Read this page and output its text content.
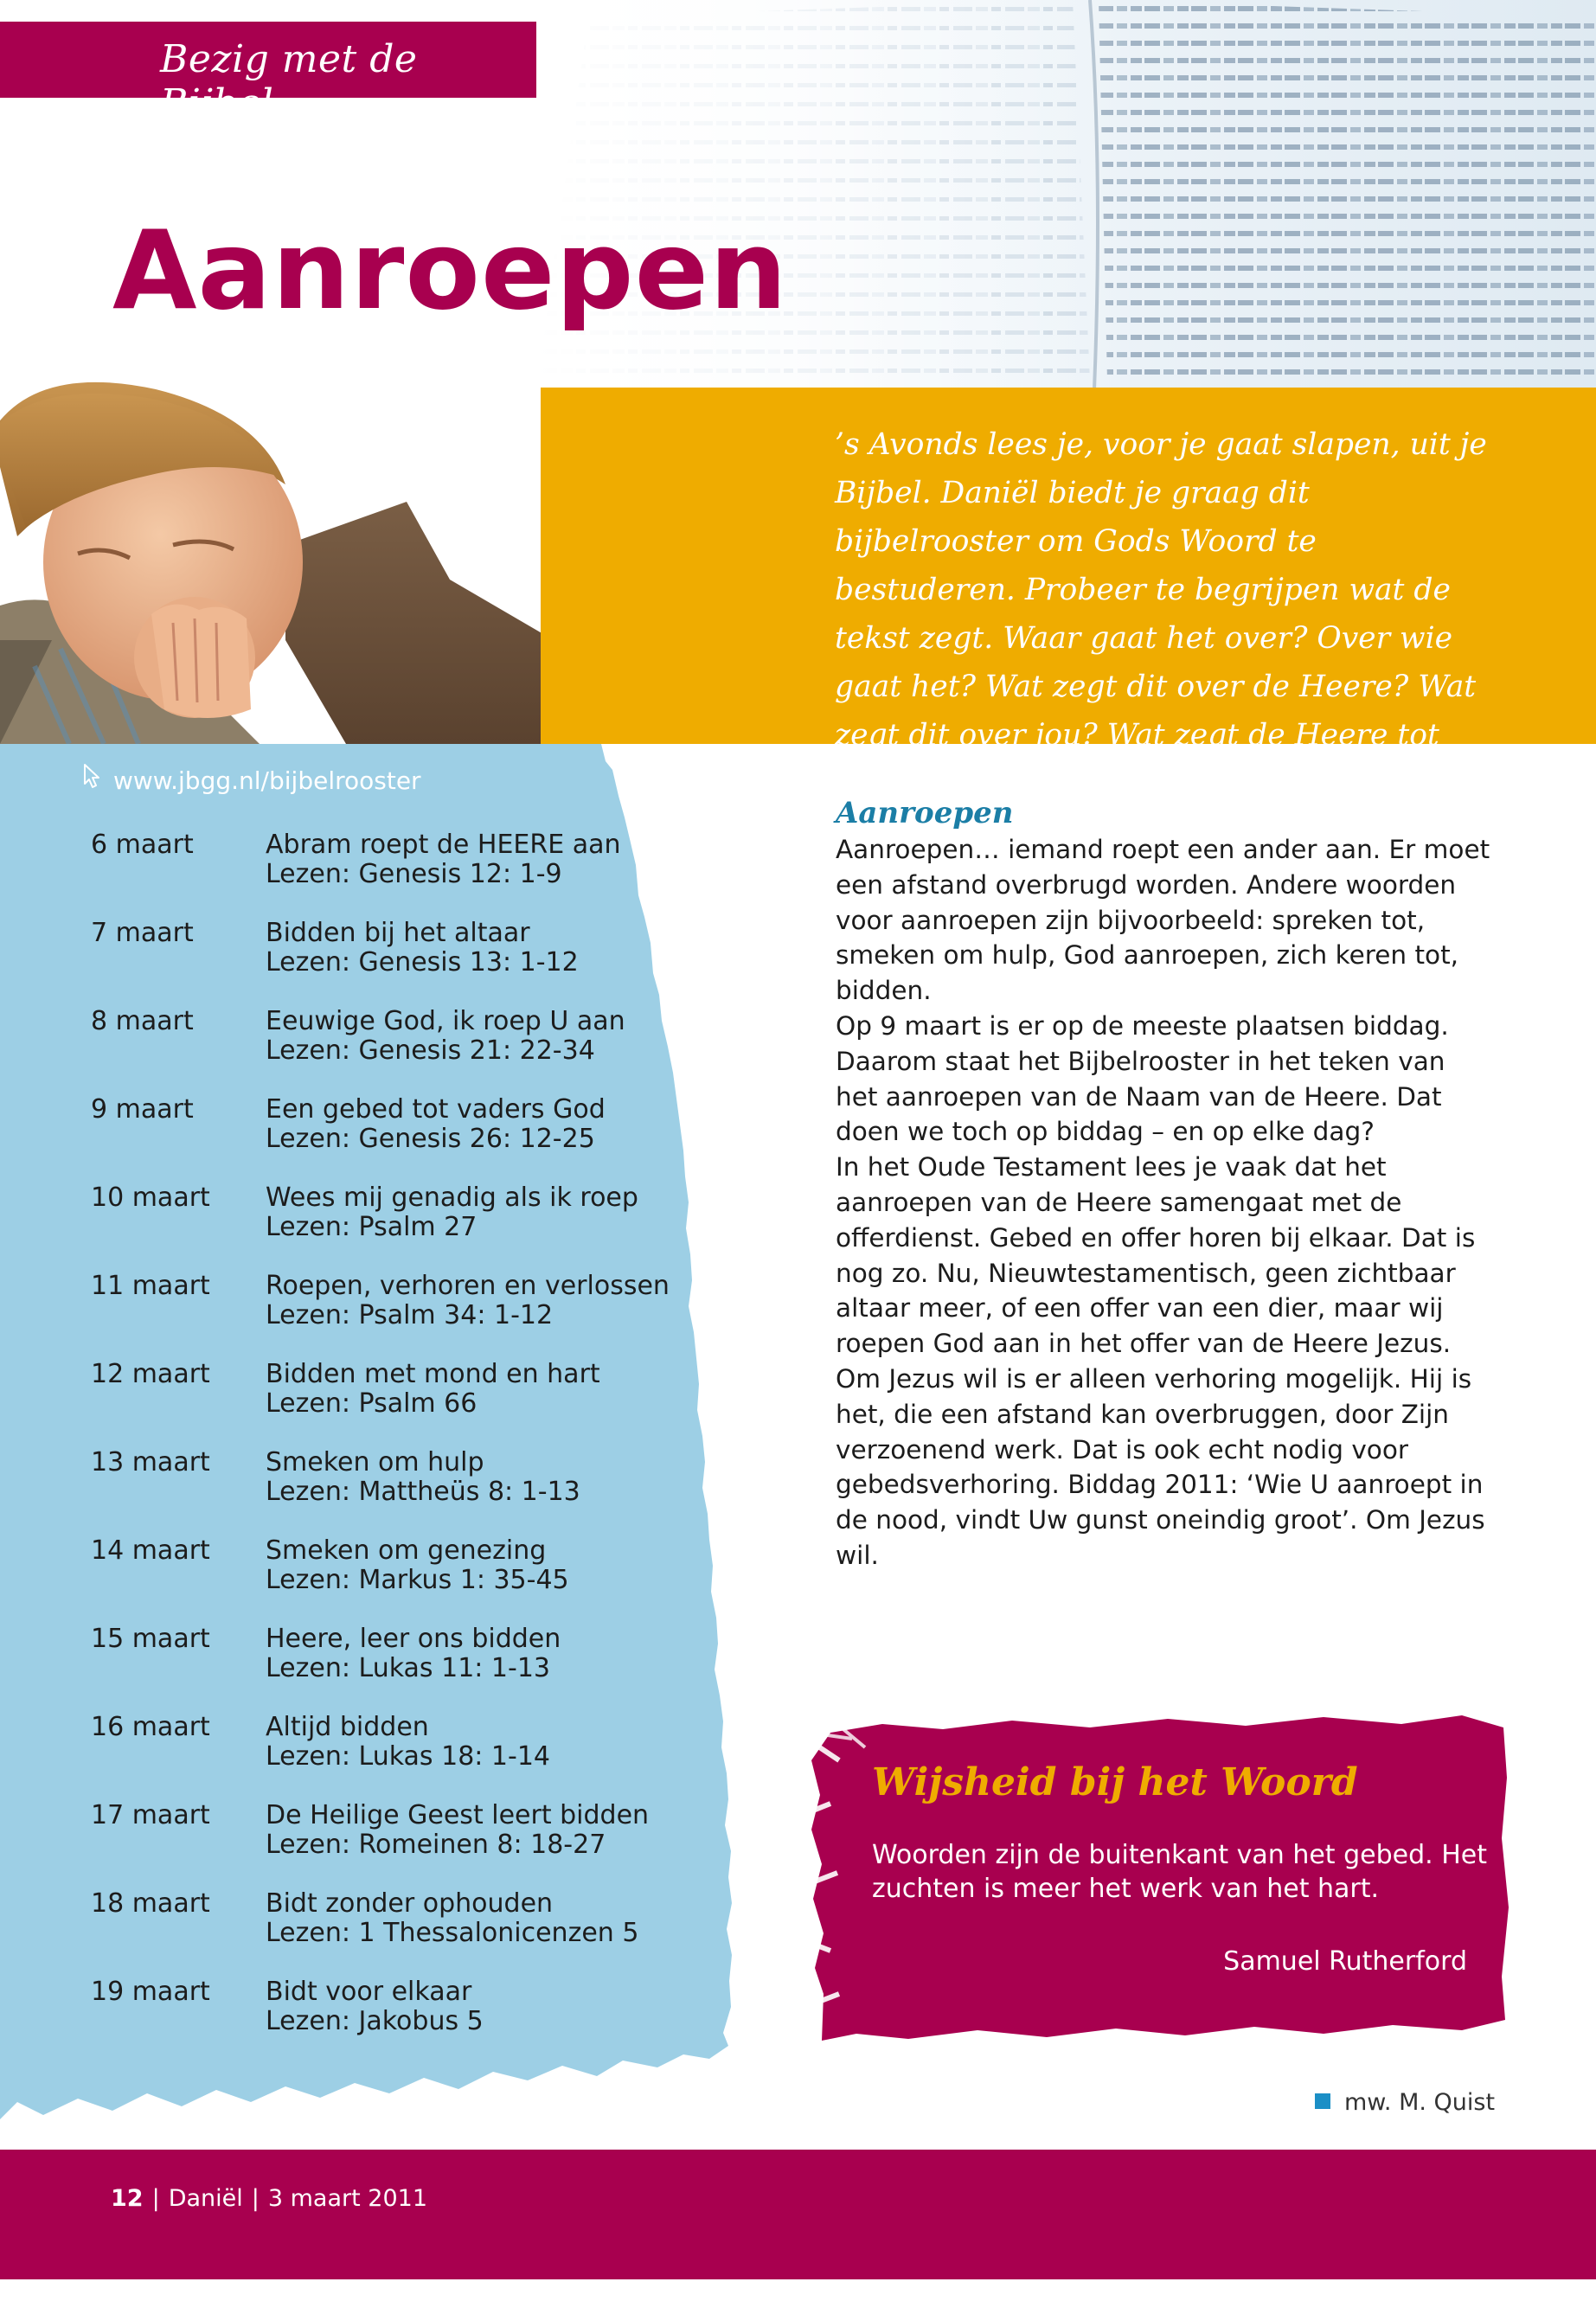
Bezig met de Bijbel
Aanroepen
’s Avonds lees je, voor je gaat slapen, uit je Bijbel. Daniël biedt je graag dit bijbelrooster om Gods Woord te bestuderen. Probeer te begrijpen wat de tekst zegt. Waar gaat het over? Over wie gaat het? Wat zegt dit over de Heere? Wat zegt dit over jou? Wat zegt de Heere tot jou?
www.jbgg.nl/bijbelrooster
6 maart	Abram roept de HEERE aan
Lezen: Genesis 12: 1-9
7 maart	Bidden bij het altaar
Lezen: Genesis 13: 1-12
8 maart	Eeuwige God, ik roep U aan
Lezen: Genesis 21: 22-34
9 maart	Een gebed tot vaders God
Lezen: Genesis 26: 12-25
10 maart Wees mij genadig als ik roep
Lezen: Psalm 27
11 maart Roepen, verhoren en verlossen
Lezen: Psalm 34: 1-12
12 maart Bidden met mond en hart
Lezen: Psalm 66
13 maart Smeken om hulp
Lezen: Mattheüs 8: 1-13
14 maart Smeken om genezing
Lezen: Markus 1: 35-45
15 maart Heere, leer ons bidden
Lezen: Lukas 11: 1-13
16 maart Altijd bidden
Lezen: Lukas 18: 1-14
17 maart De Heilige Geest leert bidden
Lezen: Romeinen 8: 18-27
18 maart Bidt zonder ophouden
Lezen: 1 Thessalonicenzen 5
19 maart Bidt voor elkaar
Lezen: Jakobus 5
Aanroepen

Aanroepen… iemand roept een ander aan. Er moet een afstand overbrugd worden. Andere woorden voor aanroepen zijn bijvoorbeeld: spreken tot, smeken om hulp, God aanroepen, zich keren tot, bidden.

Op 9 maart is er op de meeste plaatsen biddag. Daarom staat het Bijbelrooster in het teken van het aanroepen van de Naam van de Heere. Dat doen we toch op biddag – en op elke dag?

In het Oude Testament lees je vaak dat het aanroepen van de Heere samengaat met de offerdienst. Gebed en offer horen bij elkaar. Dat is nog zo. Nu, Nieuwtestamentisch, geen zichtbaar altaar meer, of een offer van een dier, maar wij roepen God aan in het offer van de Heere Jezus. Om Jezus wil is er alleen verhoring mogelijk. Hij is het, die een afstand kan overbruggen, door Zijn verzoenend werk. Dat is ook echt nodig voor gebedsverhoring. Biddag 2011: ‘Wie U aanroept in de nood, vindt Uw gunst oneindig groot’. Om Jezus wil.

Wijsheid bij het Woord
Woorden zijn de buitenkant van het gebed. Het zuchten is meer het werk van het hart.
Samuel Rutherford
mw. M. Quist
12 | Daniël | 3 maart 2011
